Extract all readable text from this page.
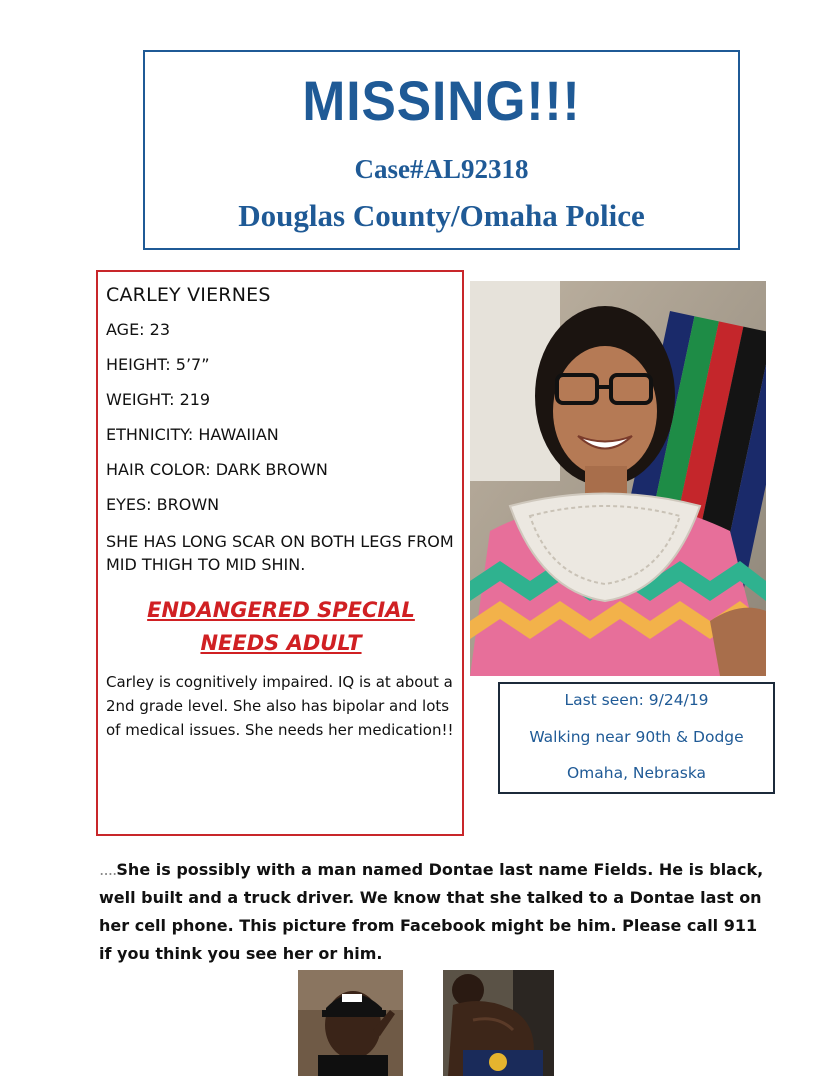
MISSING!!!
Case#AL92318
Douglas County/Omaha Police
CARLEY VIERNES
AGE: 23
HEIGHT: 5’7”
WEIGHT: 219
ETHNICITY: HAWAIIAN
HAIR COLOR: DARK BROWN
EYES: BROWN
SHE HAS LONG SCAR ON BOTH LEGS FROM MID THIGH TO MID SHIN.
ENDANGERED SPECIAL
NEEDS ADULT
Carley is cognitively impaired. IQ is at about a 2nd grade level. She also has bipolar and lots of medical issues. She needs her medication!!
Last seen: 9/24/19
Walking near 90th & Dodge
Omaha, Nebraska
․․․․She is possibly with a man named Dontae last name Fields. He is black, well built and a truck driver. We know that she talked to a Dontae last on her cell phone. This picture from Facebook might be him. Please call 911 if you think you see her or him.
